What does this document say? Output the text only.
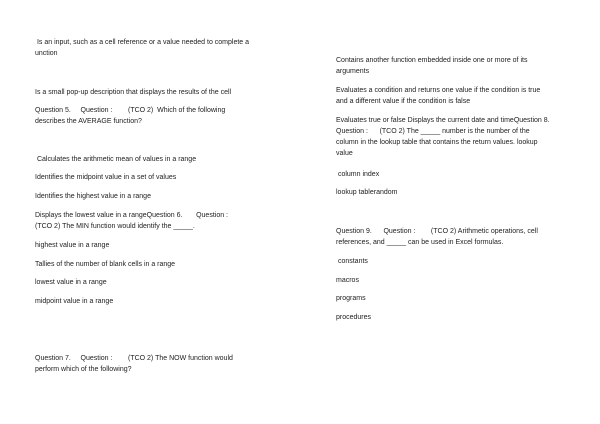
Is an input, such as a cell reference or a value needed to complete a
unction

Is a small pop-up description that displays the results of the cell

Question 5.     Question :        (TCO 2)  Which of the following
describes the AVERAGE function?

Calculates the arithmetic mean of values in a range

Identifies the midpoint value in a set of values

Identifies the highest value in a range

Displays the lowest value in a rangeQuestion 6.       Question :
(TCO 2) The MIN function would identify the _____.

highest value in a range

Tallies of the number of blank cells in a range

lowest value in a range

midpoint value in a range

Question 7.     Question :        (TCO 2) The NOW function would
perform which of the following?

Contains another function embedded inside one or more of its
arguments

Evaluates a condition and returns one value if the condition is true
and a different value if the condition is false

Evaluates true or false Displays the current date and timeQuestion 8.
Question :      (TCO 2) The _____ number is the number of the
column in the lookup table that contains the return values. lookup
value

column index

lookup tablerandom

Question 9.      Question :        (TCO 2) Arithmetic operations, cell
references, and _____ can be used in Excel formulas.

constants

macros

programs

procedures
